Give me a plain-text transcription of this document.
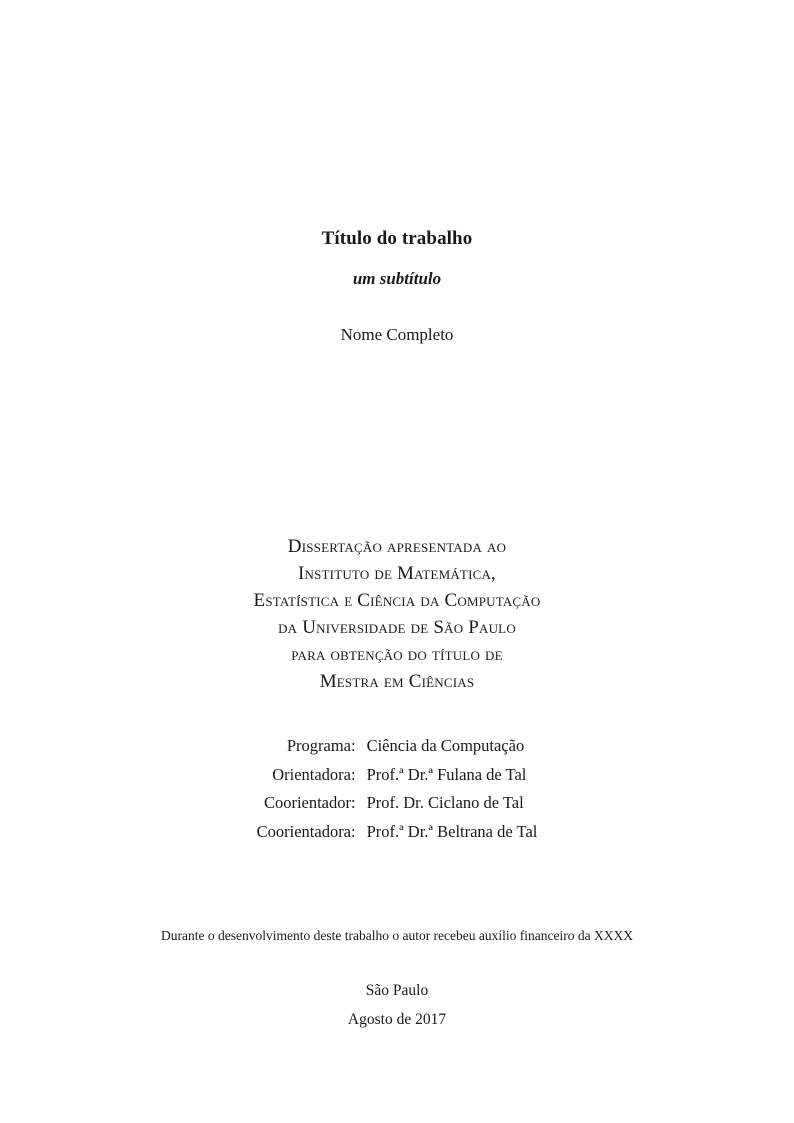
Título do trabalho

um subtítulo

Nome Completo

Dissertação apresentada ao
Instituto de Matemática,
Estatística e Ciência da Computação
da Universidade de São Paulo
para obtenção do título de
Mestra em Ciências
Programa:	Ciência da Computação
Orientadora:	Prof.ª Dr.ª Fulana de Tal
Coorientador:	Prof. Dr. Ciclano de Tal
Coorientadora:	Prof.ª Dr.ª Beltrana de Tal
Durante o desenvolvimento deste trabalho o autor recebeu auxílio financeiro da XXXX

São Paulo

Agosto de 2017
